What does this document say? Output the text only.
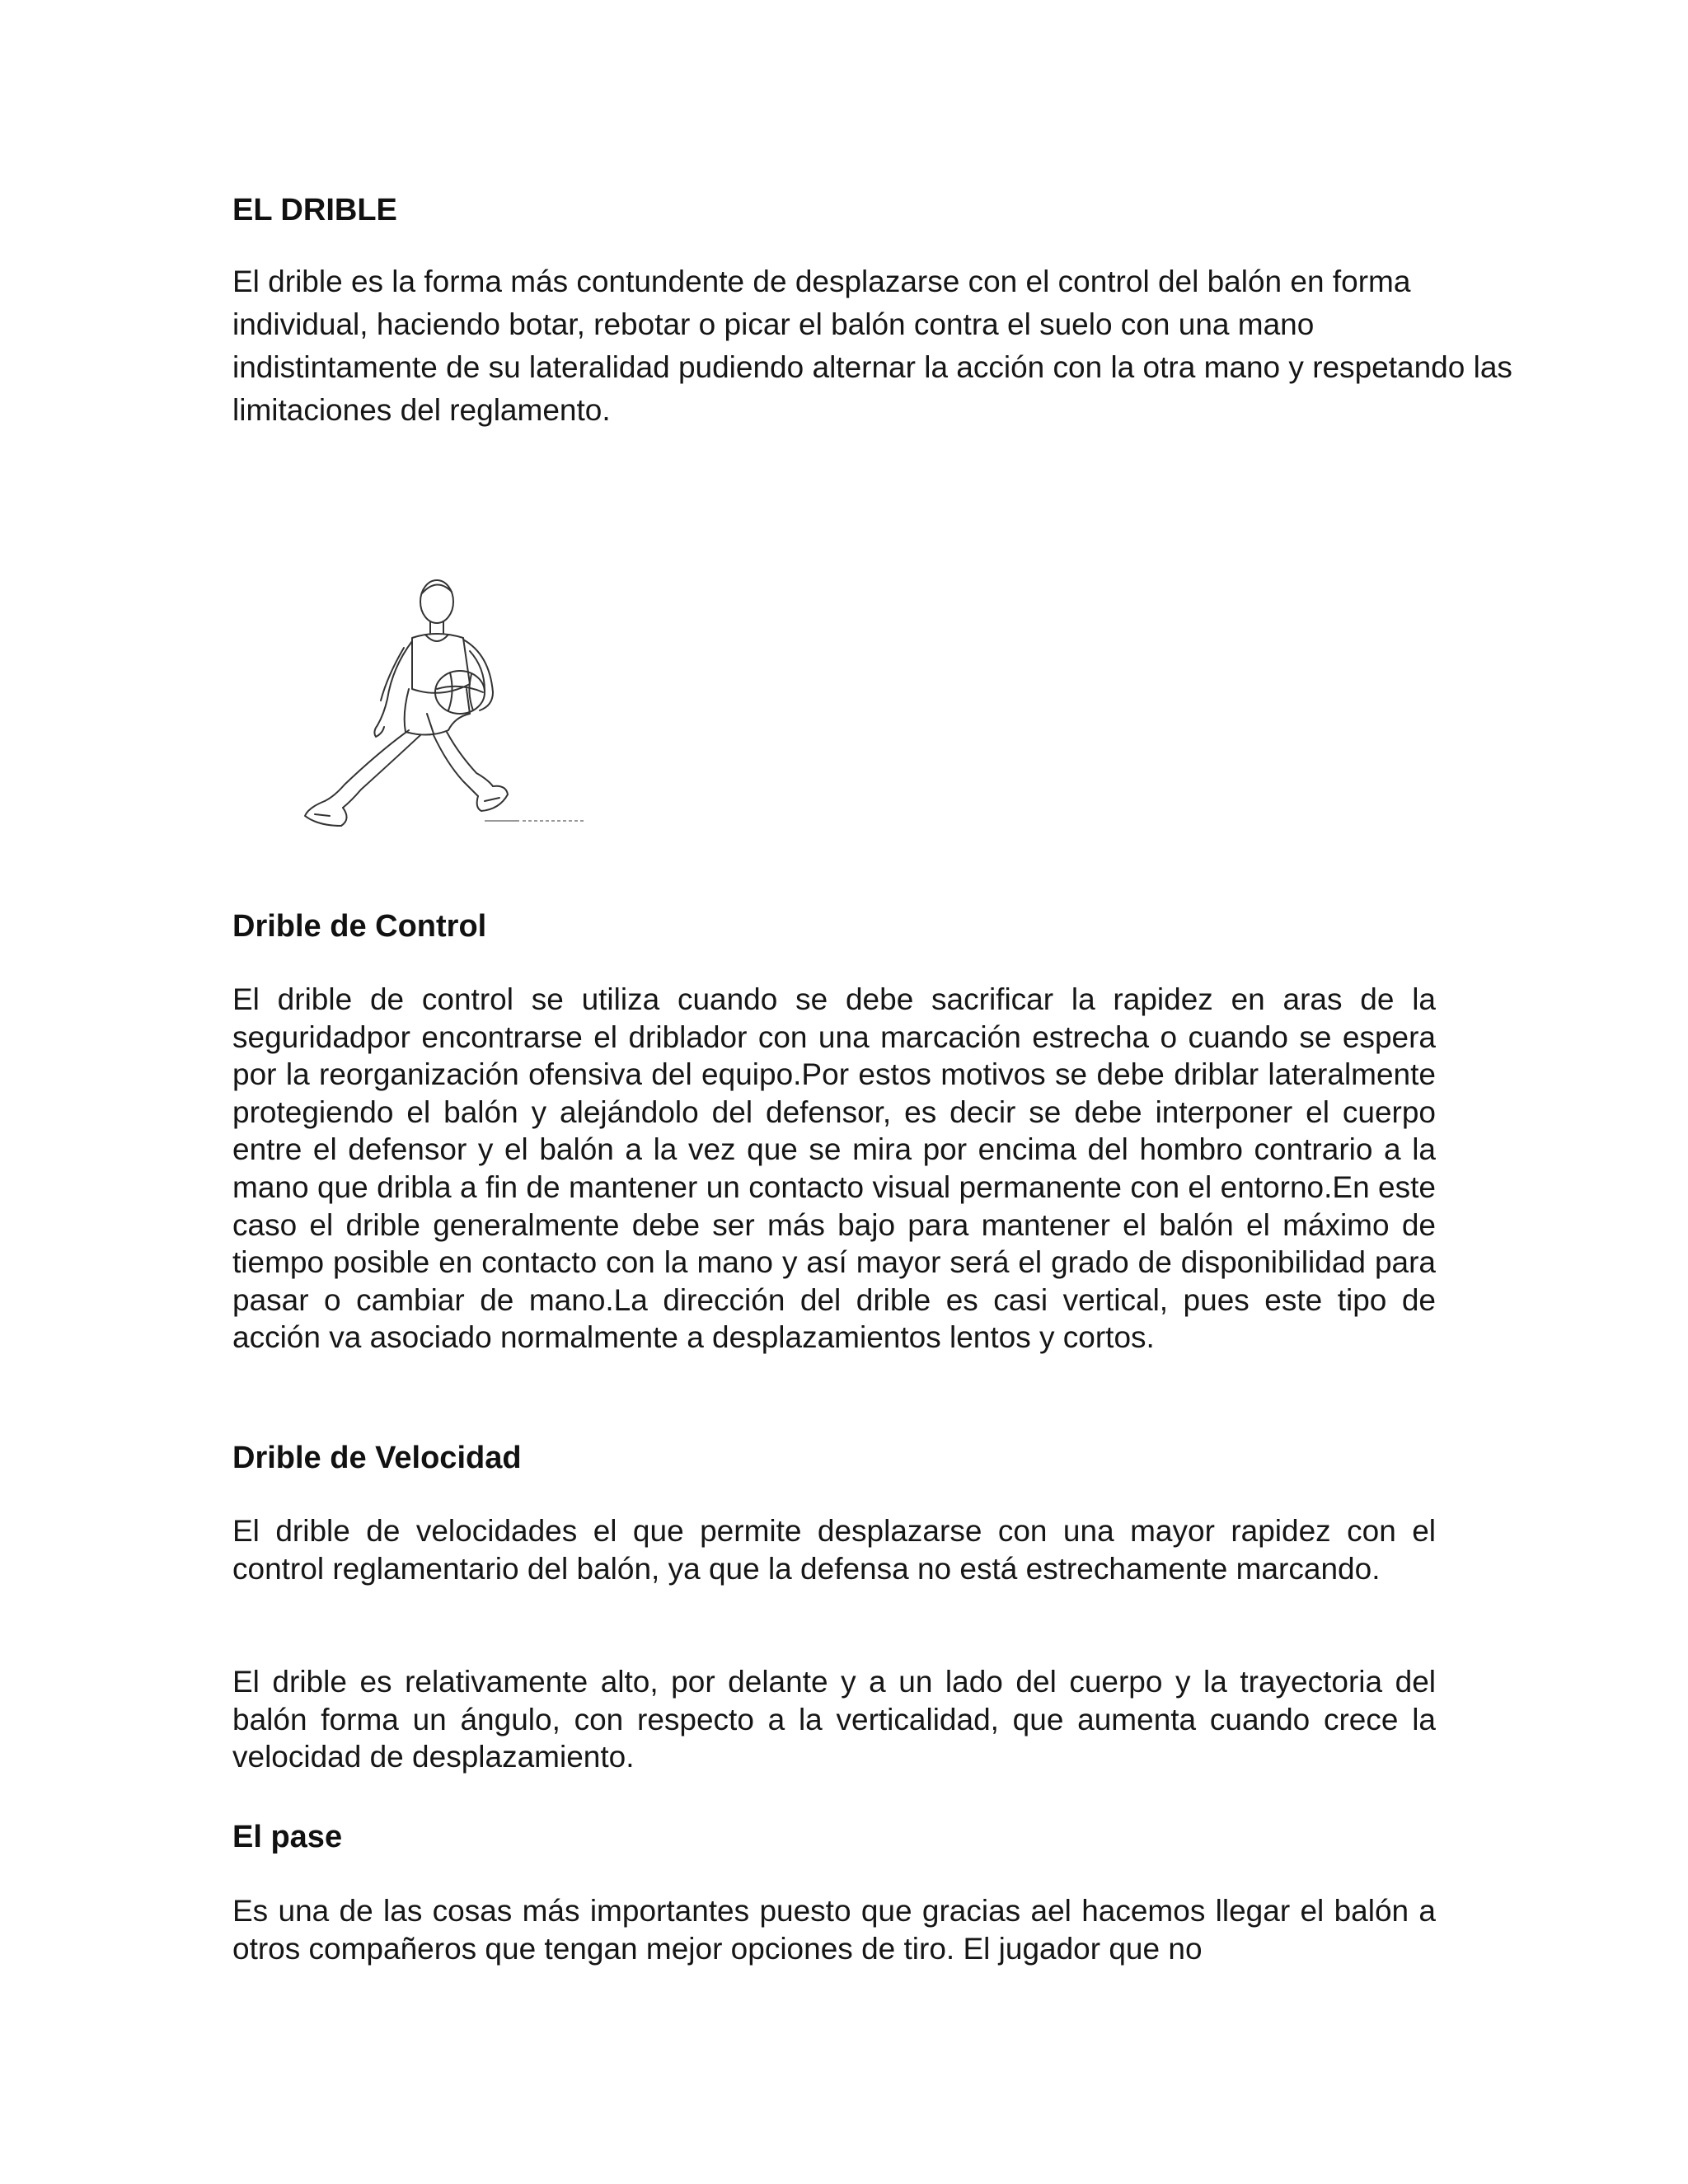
EL DRIBLE

El drible es la forma más contundente de desplazarse con el control del balón en forma individual, haciendo botar, rebotar o picar el balón contra el suelo con una mano indistintamente de su lateralidad pudiendo alternar la acción con la otra mano y respetando las limitaciones del reglamento.

Drible de Control

El drible de control se utiliza cuando se debe sacrificar la rapidez en aras de la seguridadpor encontrarse el driblador con una marcación estrecha o cuando se espera por la reorganización ofensiva del equipo.Por estos motivos se debe driblar lateralmente protegiendo el balón y alejándolo del defensor, es decir se debe interponer el cuerpo entre el defensor y el balón a la vez que se mira por encima del hombro contrario a la mano que dribla a fin de mantener un contacto visual permanente con el entorno.En este caso el drible generalmente debe ser más bajo para mantener el balón el máximo de tiempo posible en contacto con la mano y así mayor será el grado de disponibilidad para pasar o cambiar de mano.La dirección del drible es casi vertical, pues este tipo de acción va asociado normalmente a desplazamientos lentos y cortos.

Drible de Velocidad

El drible de velocidades el que permite desplazarse con una mayor rapidez con el control reglamentario del balón, ya que la defensa no está estrechamente marcando.

El drible es relativamente alto, por delante y a un lado del cuerpo y la trayectoria del balón forma un ángulo, con respecto a la verticalidad, que aumenta cuando crece la velocidad de desplazamiento.

El pase

Es una de las cosas más importantes puesto que gracias ael hacemos llegar el balón a otros compañeros que tengan mejor opciones de tiro. El jugador que no
